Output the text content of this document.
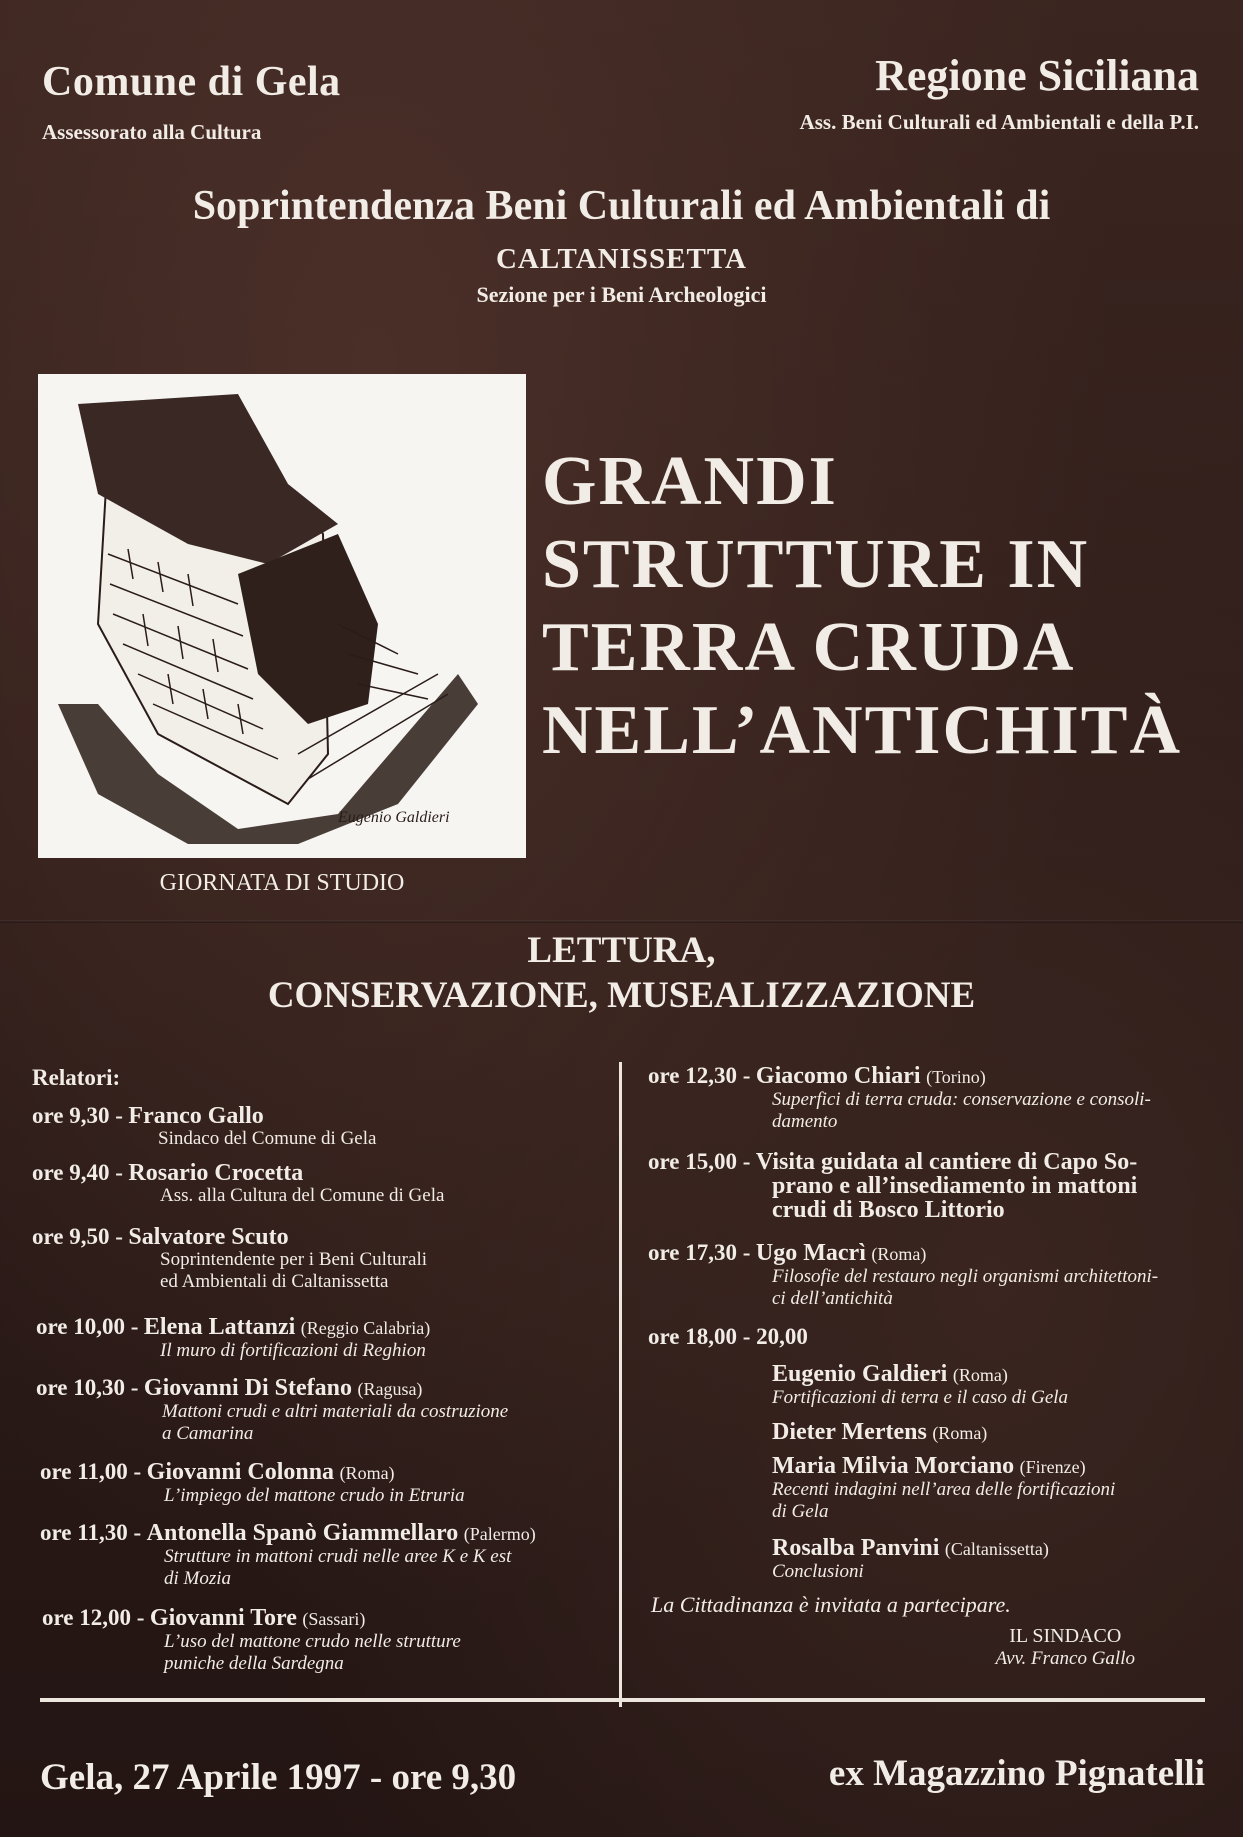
Comune di Gela
Assessorato alla Cultura
Regione Siciliana
Ass. Beni Culturali ed Ambientali e della P.I.
Soprintendenza Beni Culturali ed Ambientali di
CALTANISSETTA
Sezione per i Beni Archeologici
Eugenio Galdieri
GIORNATA DI STUDIO
GRANDI
STRUTTURE IN
TERRA CRUDA
NELL’ANTICHITÀ
LETTURA,
CONSERVAZIONE, MUSEALIZZAZIONE
Relatori:
ore 9,30 - Franco Gallo
Sindaco del Comune di Gela
ore 9,40 - Rosario Crocetta
Ass. alla Cultura del Comune di Gela
ore 9,50 - Salvatore Scuto
Soprintendente per i Beni Culturali
ed Ambientali di Caltanissetta
ore 10,00 - Elena Lattanzi (Reggio Calabria)
Il muro di fortificazioni di Reghion
ore 10,30 - Giovanni Di Stefano (Ragusa)
Mattoni crudi e altri materiali da costruzione
a Camarina
ore 11,00 - Giovanni Colonna (Roma)
L’impiego del mattone crudo in Etruria
ore 11,30 - Antonella Spanò Giammellaro (Palermo)
Strutture in mattoni crudi nelle aree K e K est
di Mozia
ore 12,00 - Giovanni Tore (Sassari)
L’uso del mattone crudo nelle strutture
puniche della Sardegna
ore 12,30 - Giacomo Chiari (Torino)
Superfici di terra cruda: conservazione e consoli-
damento
ore 15,00 - Visita guidata al cantiere di Capo So-
prano e all’insediamento in mattoni
crudi di Bosco Littorio
ore 17,30 - Ugo Macrì (Roma)
Filosofie del restauro negli organismi architettoni-
ci dell’antichità
ore 18,00 - 20,00
Eugenio Galdieri (Roma)
Fortificazioni di terra e il caso di Gela
Dieter Mertens (Roma)
Maria Milvia Morciano (Firenze)
Recenti indagini nell’area delle fortificazioni
di Gela
Rosalba Panvini (Caltanissetta)
Conclusioni
La Cittadinanza è invitata a partecipare.
IL SINDACO
Avv. Franco Gallo
Gela, 27 Aprile 1997 - ore 9,30	ex Magazzino Pignatelli
